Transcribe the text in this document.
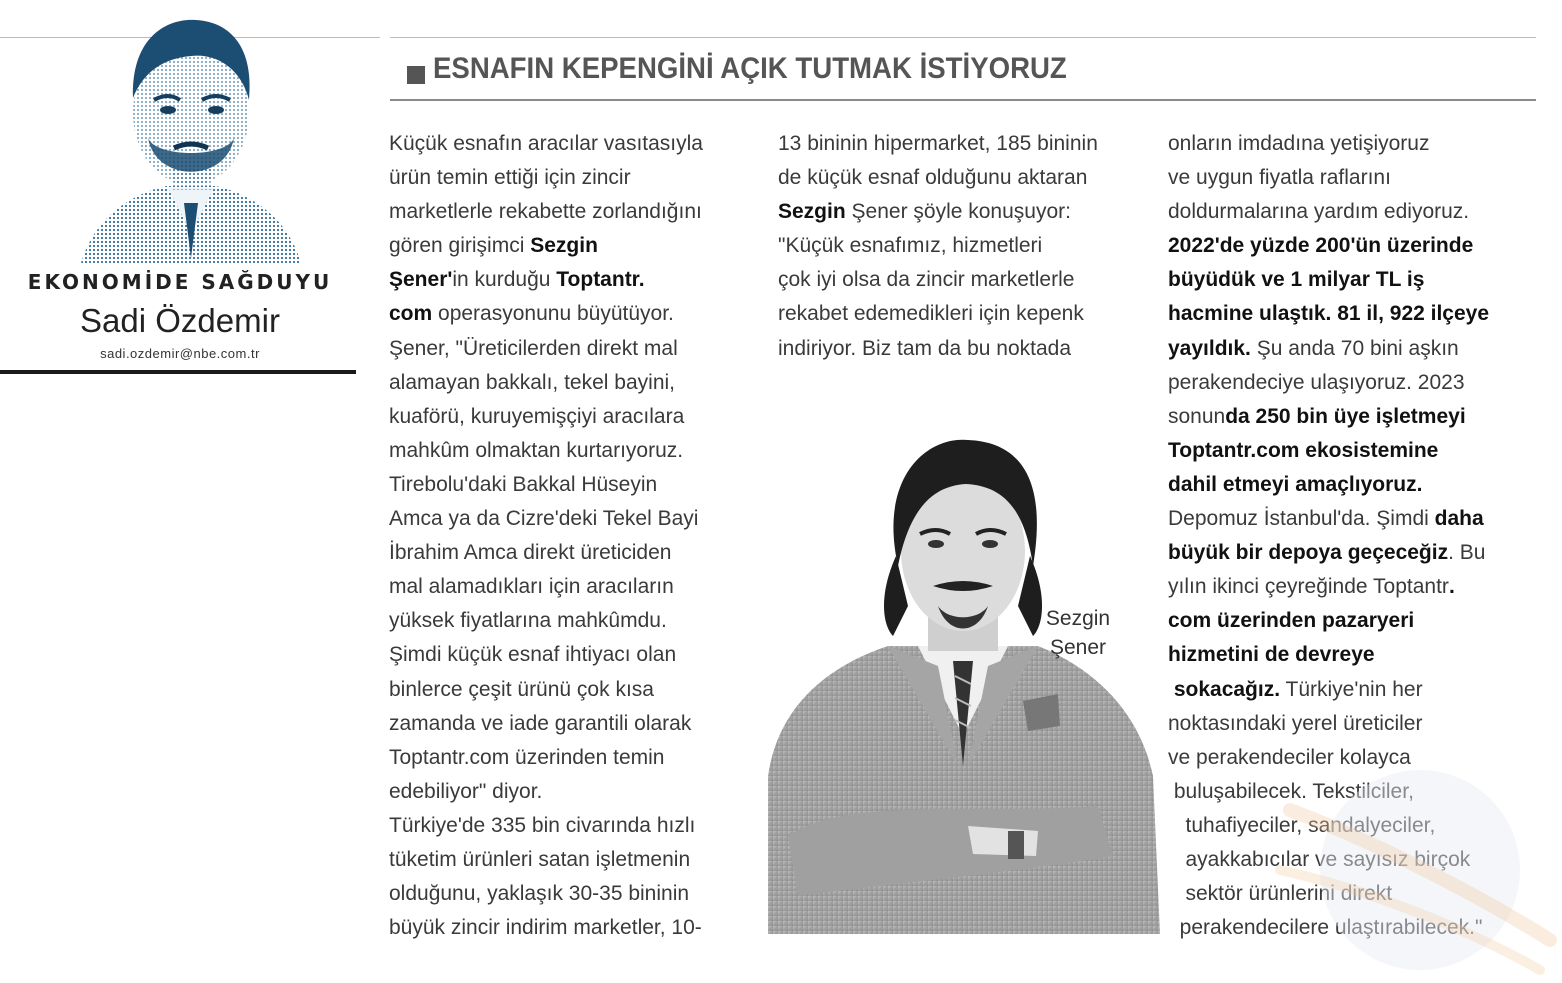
EKONOMİDE SAĞDUYU
Sadi Özdemir
sadi.ozdemir@nbe.com.tr
ESNAFIN KEPENGİNİ AÇIK TUTMAK İSTİYORUZ
Küçük esnafın aracılar vasıtasıyla
ürün temin ettiği için zincir
marketlerle rekabette zorlandığını
gören girişimci Sezgin
Şener'in kurduğu Toptantr.
com operasyonunu büyütüyor.
Şener, "Üreticilerden direkt mal
alamayan bakkalı, tekel bayini,
kuaförü, kuruyemişçiyi aracılara
mahkûm olmaktan kurtarıyoruz.
Tirebolu'daki Bakkal Hüseyin
Amca ya da Cizre'deki Tekel Bayi
İbrahim Amca direkt üreticiden
mal alamadıkları için aracıların
yüksek fiyatlarına mahkûmdu.
Şimdi küçük esnaf ihtiyacı olan
binlerce çeşit ürünü çok kısa
zamanda ve iade garantili olarak
Toptantr.com üzerinden temin
edebiliyor" diyor.
Türkiye'de 335 bin civarında hızlı
tüketim ürünleri satan işletmenin
olduğunu, yaklaşık 30-35 bininin
büyük zincir indirim marketler, 10-
13 bininin hipermarket, 185 bininin
de küçük esnaf olduğunu aktaran
Sezgin Şener şöyle konuşuyor:
"Küçük esnafımız, hizmetleri
çok iyi olsa da zincir marketlerle
rekabet edemedikleri için kepenk
indiriyor. Biz tam da bu noktada
onların imdadına yetişiyoruz
ve uygun fiyatla raflarını
doldurmalarına yardım ediyoruz.
2022'de yüzde 200'ün üzerinde
büyüdük ve 1 milyar TL iş
hacmine ulaştık. 81 il, 922 ilçeye
yayıldık. Şu anda 70 bini aşkın
perakendeciye ulaşıyoruz. 2023
sonunda 250 bin üye işletmeyi
Toptantr.com ekosistemine
dahil etmeyi amaçlıyoruz.
Depomuz İstanbul'da. Şimdi daha
büyük bir depoya geçeceğiz. Bu
yılın ikinci çeyreğinde Toptantr.
com üzerinden pazaryeri
hizmetini de devreye
sokacağız. Türkiye'nin her
noktasındaki yerel üreticiler
ve perakendeciler kolayca
buluşabilecek. Tekstilciler,
tuhafiyeciler, sandalyeciler,
ayakkabıcılar ve sayısız birçok
sektör ürünlerini direkt
perakendecilere ulaştırabilecek."
Sezgin
Şener
